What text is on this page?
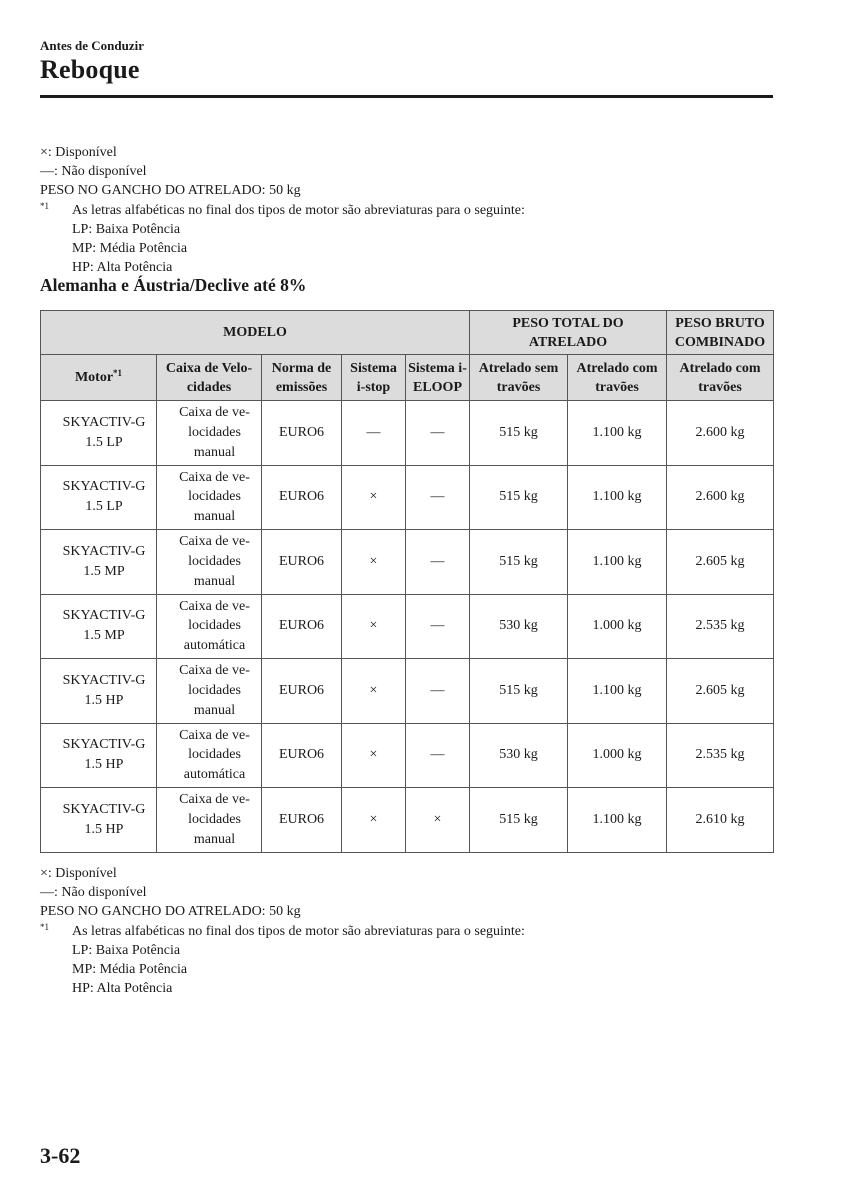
Antes de Conduzir
Reboque
×: Disponível
—: Não disponível
PESO NO GANCHO DO ATRELADO: 50 kg
$^{*1}$	As letras alfabéticas no final dos tipos de motor são abreviaturas para o seguinte:
LP: Baixa Potência
MP: Média Potência
HP: Alta Potência
Alemanha e Áustria/Declive até 8%
MODELO					PESO TOTAL DO ATRELADO		PESO BRUTO COMBINADO
Motor$^{*1}$	Caixa de Velo-cidades	Norma de emissões	Sistema i-stop	Sistema i-ELOOP	Atrelado sem travões	Atrelado com travões	Atrelado com travões
SKYACTIV-G 1.5 LP	Caixa de ve-locidades manual	EURO6	—	—	515 kg	1.100 kg	2.600 kg
SKYACTIV-G 1.5 LP	Caixa de ve-locidades manual	EURO6	×	—	515 kg	1.100 kg	2.600 kg
SKYACTIV-G 1.5 MP	Caixa de ve-locidades manual	EURO6	×	—	515 kg	1.100 kg	2.605 kg
SKYACTIV-G 1.5 MP	Caixa de ve-locidades automática	EURO6	×	—	530 kg	1.000 kg	2.535 kg
SKYACTIV-G 1.5 HP	Caixa de ve-locidades manual	EURO6	×	—	515 kg	1.100 kg	2.605 kg
SKYACTIV-G 1.5 HP	Caixa de ve-locidades automática	EURO6	×	—	530 kg	1.000 kg	2.535 kg
SKYACTIV-G 1.5 HP	Caixa de ve-locidades manual	EURO6	×	×	515 kg	1.100 kg	2.610 kg
×: Disponível
—: Não disponível
PESO NO GANCHO DO ATRELADO: 50 kg
$^{*1}$	As letras alfabéticas no final dos tipos de motor são abreviaturas para o seguinte:
LP: Baixa Potência
MP: Média Potência
HP: Alta Potência
3-62
